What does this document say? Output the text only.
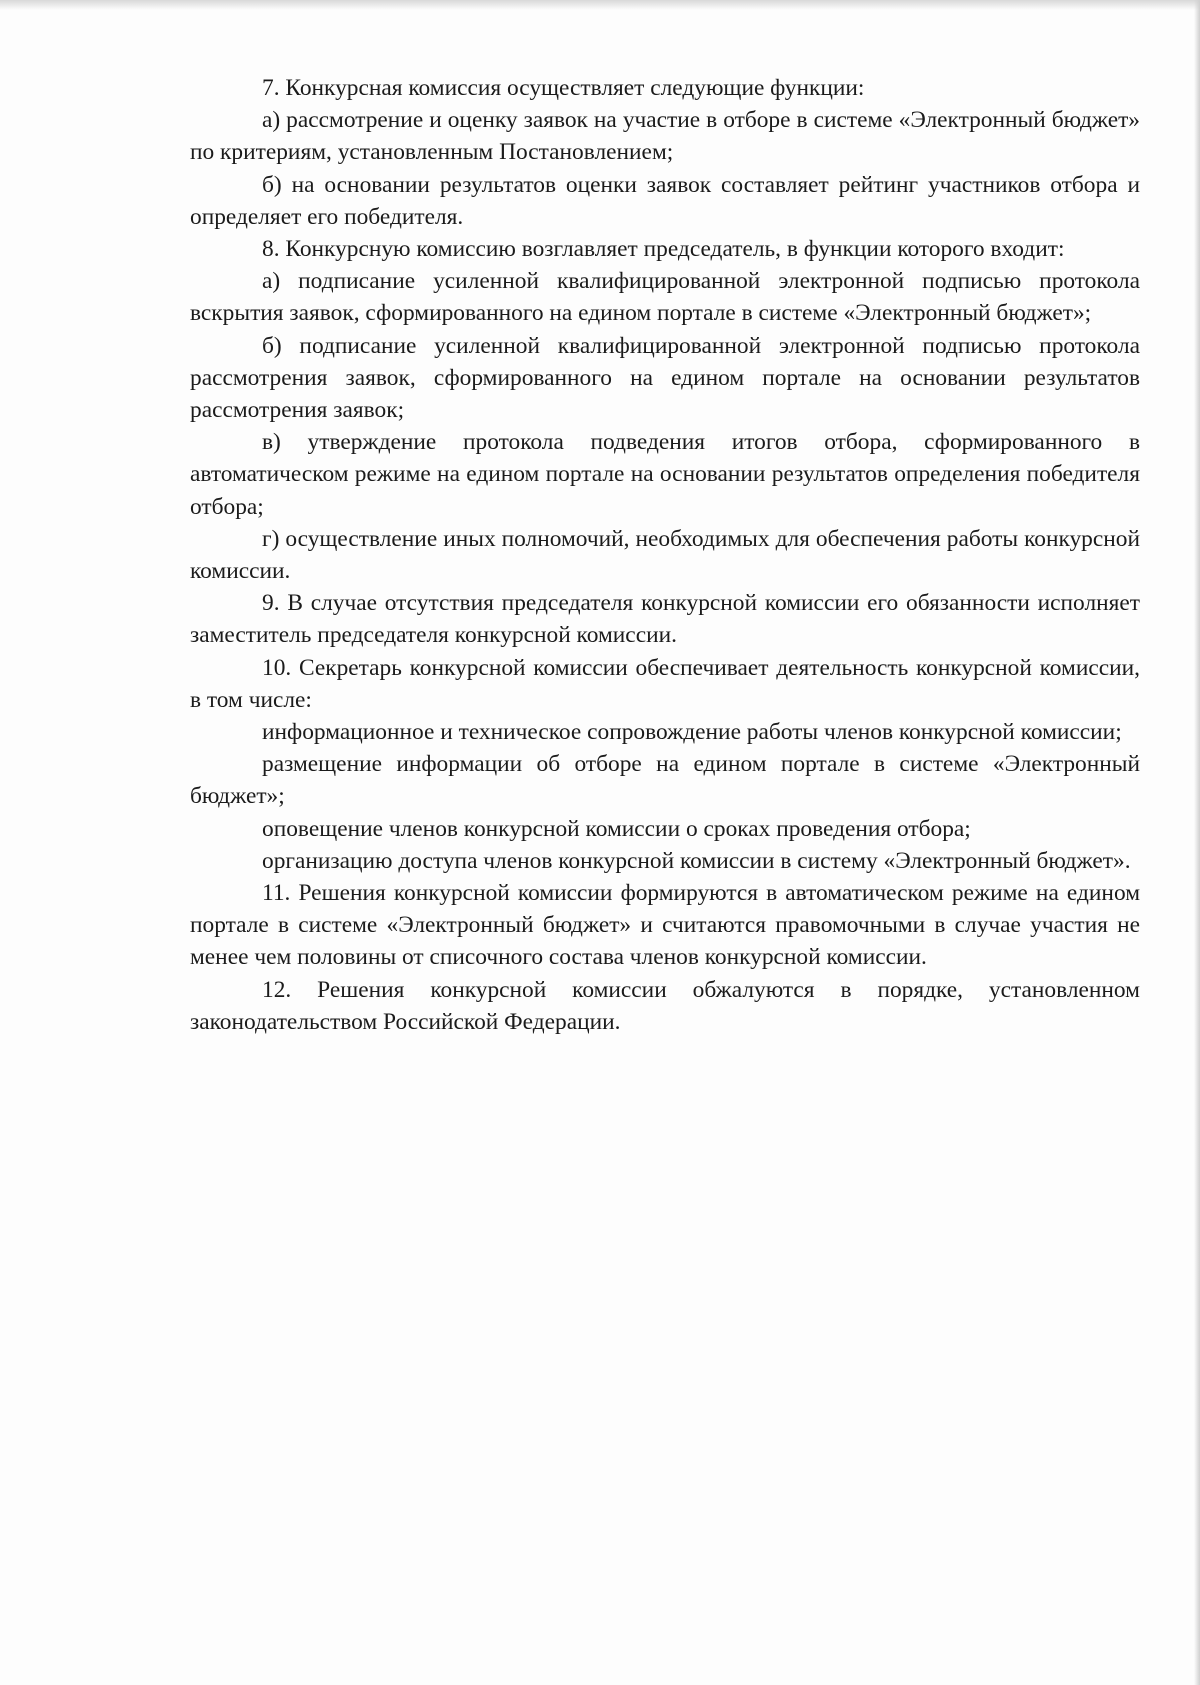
7. Конкурсная комиссия осуществляет следующие функции:

а) рассмотрение и оценку заявок на участие в отборе в системе «Электронный бюджет» по критериям, установленным Постановлением;

б) на основании результатов оценки заявок составляет рейтинг участников отбора и определяет его победителя.

8. Конкурсную комиссию возглавляет председатель, в функции которого входит:

а) подписание усиленной квалифицированной электронной подписью протокола вскрытия заявок, сформированного на едином портале в системе «Электронный бюджет»;

б) подписание усиленной квалифицированной электронной подписью протокола рассмотрения заявок, сформированного на едином портале на основании результатов рассмотрения заявок;

в) утверждение протокола подведения итогов отбора, сформированного в автоматическом режиме на едином портале на основании результатов определения победителя отбора;

г) осуществление иных полномочий, необходимых для обеспечения работы конкурсной комиссии.

9. В случае отсутствия председателя конкурсной комиссии его обязанности исполняет заместитель председателя конкурсной комиссии.

10. Секретарь конкурсной комиссии обеспечивает деятельность конкурсной комиссии, в том числе:

информационное и техническое сопровождение работы членов конкурсной комиссии;

размещение информации об отборе на едином портале в системе «Электронный бюджет»;

оповещение членов конкурсной комиссии о сроках проведения отбора;

организацию доступа членов конкурсной комиссии в систему «Электронный бюджет».

11. Решения конкурсной комиссии формируются в автоматическом режиме на едином портале в системе «Электронный бюджет» и считаются правомочными в случае участия не менее чем половины от списочного состава членов конкурсной комиссии.

12. Решения конкурсной комиссии обжалуются в порядке, установленном законодательством Российской Федерации.
